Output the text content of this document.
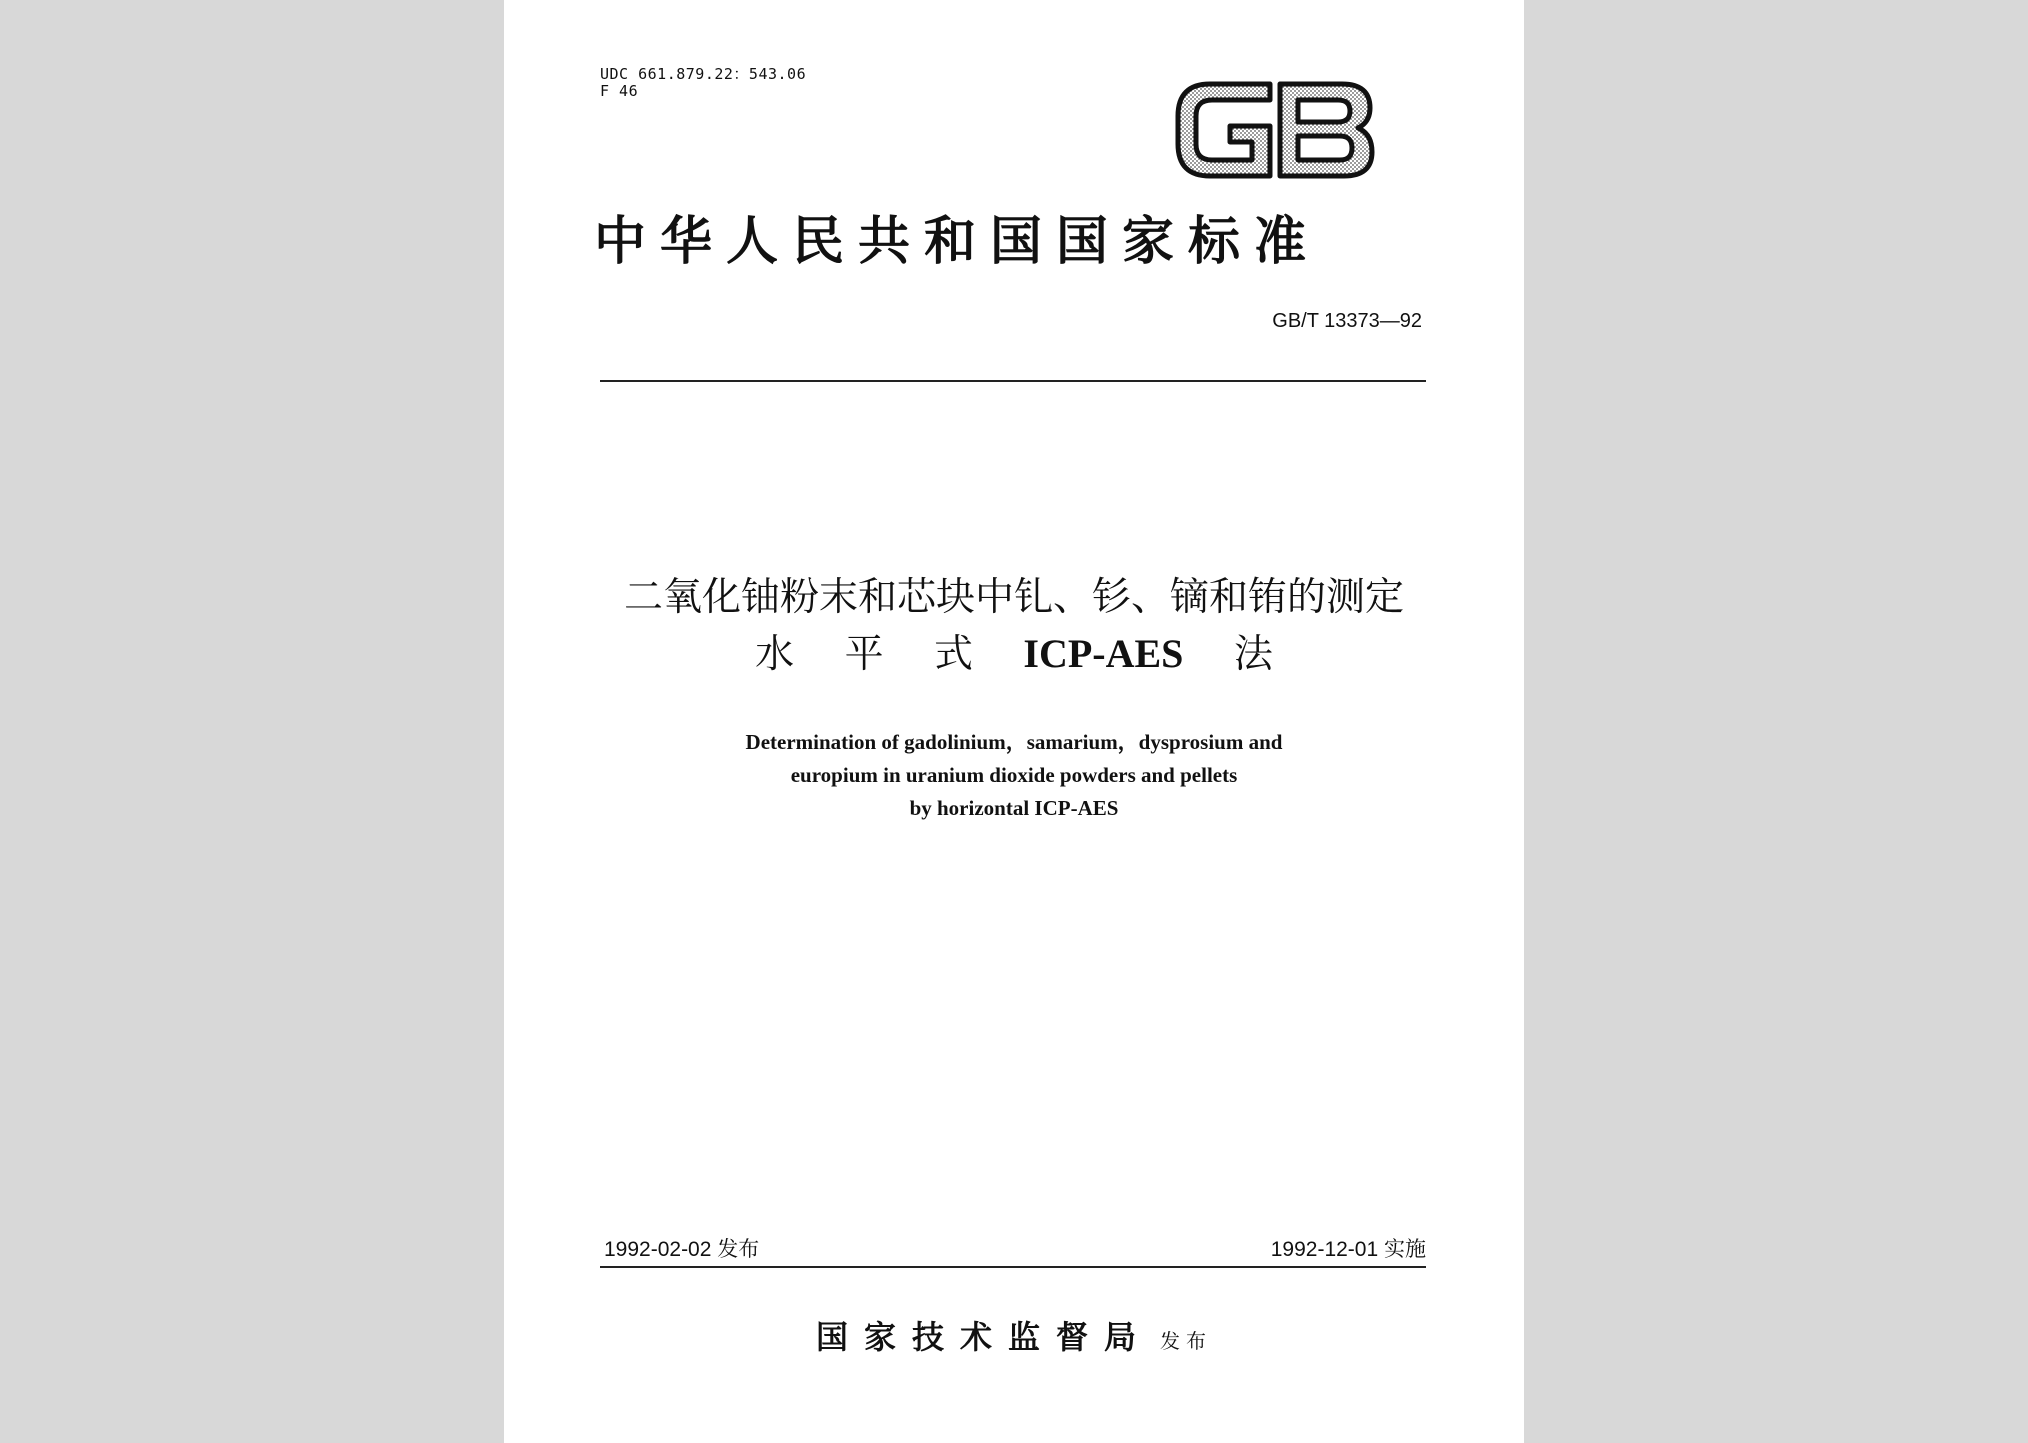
UDC 661.879.22：543.06
F 46
中华人民共和国国家标准
GB/T 13373—92
二氧化铀粉末和芯块中钆、钐、镝和铕的测定
水 平 式 ICP-AES 法
Determination of gadolinium，samarium，dysprosium and
europium in uranium dioxide powders and pellets
by horizontal ICP-AES
1992-02-02 发布	1992-12-01 实施
国家技术监督局 发布
